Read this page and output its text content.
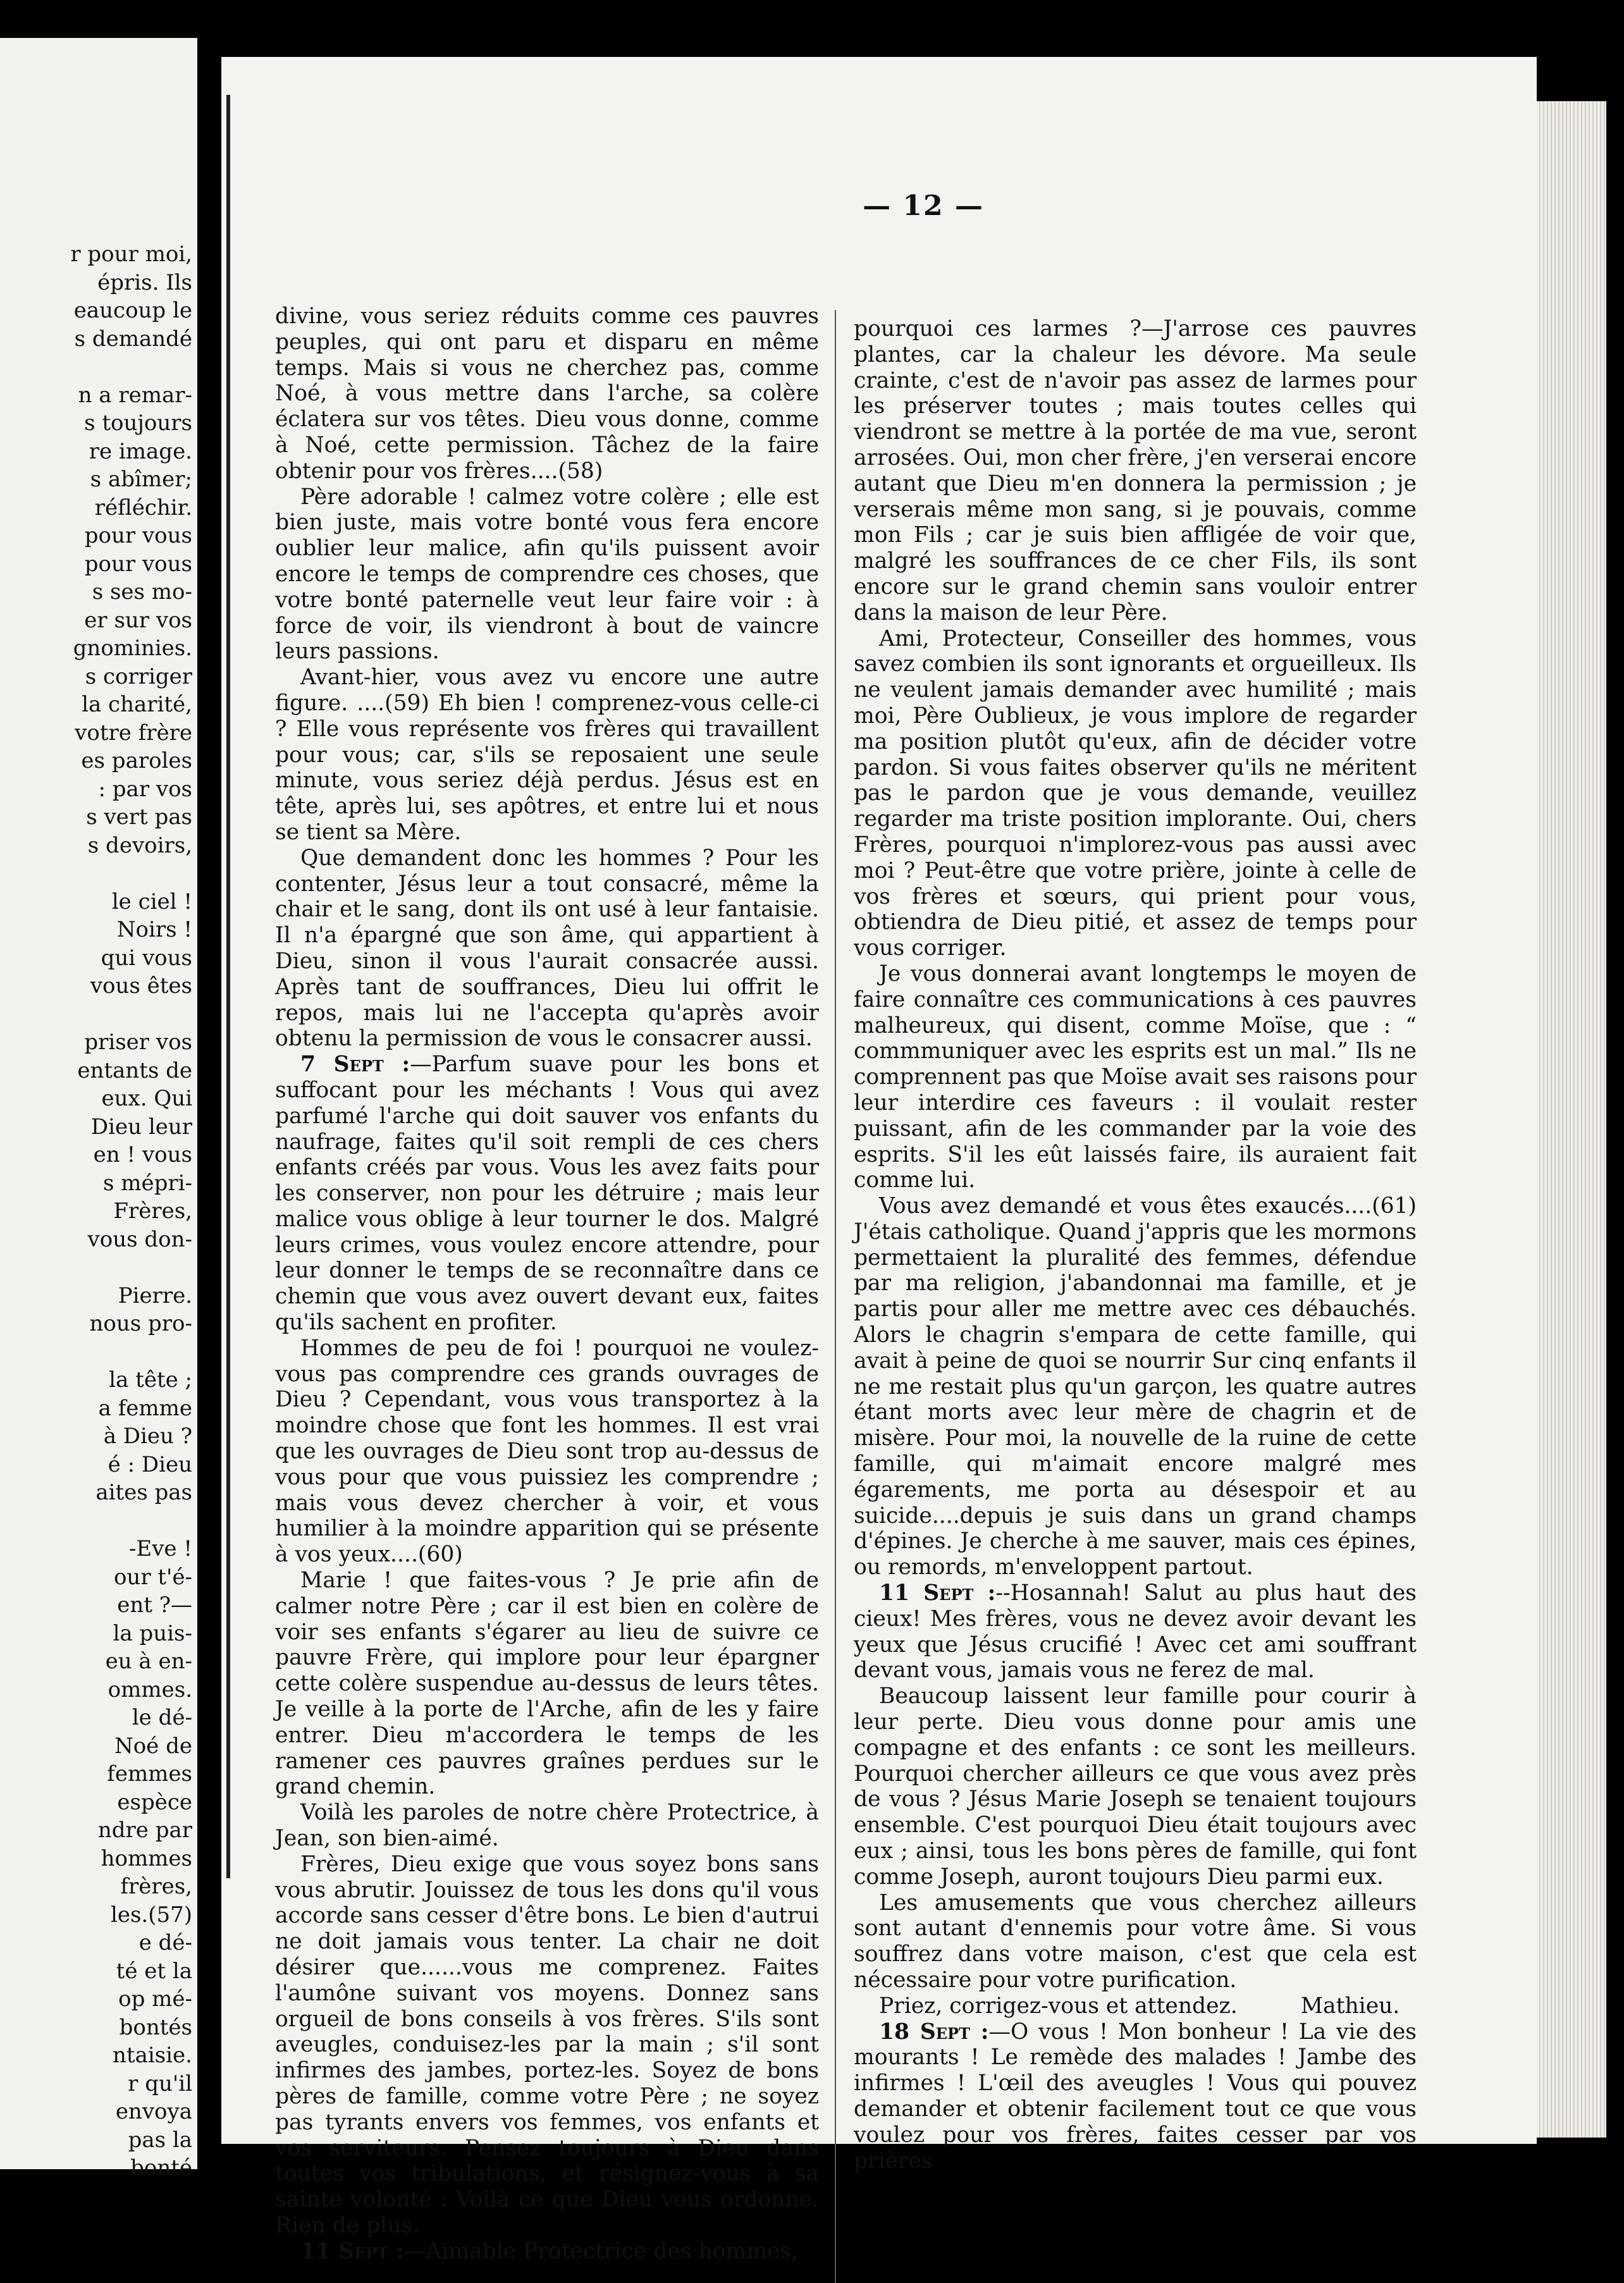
r pour moi,
épris. Ils
eaucoup le
s demandé
n a remar-
s toujours
re image.
s abîmer;
réfléchir.
pour vous
pour vous
s ses mo-
er sur vos
gnominies.
s corriger
la charité,
votre frère
es paroles
: par vos
s vert pas
s devoirs,
le ciel !
Noirs !
qui vous
vous êtes
priser vos
entants de
eux. Qui
Dieu leur
en ! vous
s mépri-
Frères,
vous don-
Pierre.
nous pro-
la tête ;
a femme
à Dieu ?
é : Dieu
aites pas
-Eve !
our t'é-
ent ?—
la puis-
eu à en-
ommes.
le dé-
Noé de
femmes
espèce
ndre par
hommes
frères,
les.(57)
e dé-
té et la
op mé-
bontés
ntaisie.
r qu'il
envoya
pas la
bonté
— 12 —

divine, vous seriez réduits comme ces pauvres peuples, qui ont paru et disparu en même temps. Mais si vous ne cherchez pas, comme Noé, à vous mettre dans l'arche, sa colère éclatera sur vos têtes. Dieu vous donne, comme à Noé, cette permission. Tâchez de la faire obtenir pour vos frères....(58)

Père adorable ! calmez votre colère ; elle est bien juste, mais votre bonté vous fera encore oublier leur malice, afin qu'ils puissent avoir encore le temps de comprendre ces choses, que votre bonté paternelle veut leur faire voir : à force de voir, ils viendront à bout de vaincre leurs passions.

Avant-hier, vous avez vu encore une autre figure. ....(59) Eh bien ! comprenez-vous celle-ci ? Elle vous représente vos frères qui travaillent pour vous; car, s'ils se reposaient une seule minute, vous seriez déjà perdus. Jésus est en tête, après lui, ses apôtres, et entre lui et nous se tient sa Mère.

Que demandent donc les hommes ? Pour les contenter, Jésus leur a tout consacré, même la chair et le sang, dont ils ont usé à leur fantaisie. Il n'a épargné que son âme, qui appartient à Dieu, sinon il vous l'aurait consacrée aussi. Après tant de souffrances, Dieu lui offrit le repos, mais lui ne l'accepta qu'après avoir obtenu la permission de vous le consacrer aussi.

7 Sept :—Parfum suave pour les bons et suffocant pour les méchants ! Vous qui avez parfumé l'arche qui doit sauver vos enfants du naufrage, faites qu'il soit rempli de ces chers enfants créés par vous. Vous les avez faits pour les conserver, non pour les détruire ; mais leur malice vous oblige à leur tourner le dos. Malgré leurs crimes, vous voulez encore attendre, pour leur donner le temps de se reconnaître dans ce chemin que vous avez ouvert devant eux, faites qu'ils sachent en profiter.

Hommes de peu de foi ! pourquoi ne voulez-vous pas comprendre ces grands ouvrages de Dieu ? Cependant, vous vous transportez à la moindre chose que font les hommes. Il est vrai que les ouvrages de Dieu sont trop au-dessus de vous pour que vous puissiez les comprendre ; mais vous devez chercher à voir, et vous humilier à la moindre apparition qui se présente à vos yeux....(60)

Marie ! que faites-vous ? Je prie afin de calmer notre Père ; car il est bien en colère de voir ses enfants s'égarer au lieu de suivre ce pauvre Frère, qui implore pour leur épargner cette colère suspendue au-dessus de leurs têtes. Je veille à la porte de l'Arche, afin de les y faire entrer. Dieu m'accordera le temps de les ramener ces pauvres graînes perdues sur le grand chemin.

Voilà les paroles de notre chère Protectrice, à Jean, son bien-aimé.

Frères, Dieu exige que vous soyez bons sans vous abrutir. Jouissez de tous les dons qu'il vous accorde sans cesser d'être bons. Le bien d'autrui ne doit jamais vous tenter. La chair ne doit désirer que......vous me comprenez. Faites l'aumône suivant vos moyens. Donnez sans orgueil de bons conseils à vos frères. S'ils sont aveugles, conduisez-les par la main ; s'il sont infirmes des jambes, portez-les. Soyez de bons pères de famille, comme votre Père ; ne soyez pas tyrants envers vos femmes, vos enfants et vos serviteurs. Pensez toujours à Dieu dans toutes vos tribulations, et résignez-vous à sa sainte volonté : Voilà ce que Dieu vous ordonne. Rien de plus.

11 Sept :—Aimable Protectrice des hommes,

pourquoi ces larmes ?—J'arrose ces pauvres plantes, car la chaleur les dévore. Ma seule crainte, c'est de n'avoir pas assez de larmes pour les préserver toutes ; mais toutes celles qui viendront se mettre à la portée de ma vue, seront arrosées. Oui, mon cher frère, j'en verserai encore autant que Dieu m'en donnera la permission ; je verserais même mon sang, si je pouvais, comme mon Fils ; car je suis bien affligée de voir que, malgré les souffrances de ce cher Fils, ils sont encore sur le grand chemin sans vouloir entrer dans la maison de leur Père.

Ami, Protecteur, Conseiller des hommes, vous savez combien ils sont ignorants et orgueilleux. Ils ne veulent jamais demander avec humilité ; mais moi, Père Oublieux, je vous implore de regarder ma position plutôt qu'eux, afin de décider votre pardon. Si vous faites observer qu'ils ne méritent pas le pardon que je vous demande, veuillez regarder ma triste position implorante. Oui, chers Frères, pourquoi n'implorez-vous pas aussi avec moi ? Peut-être que votre prière, jointe à celle de vos frères et sœurs, qui prient pour vous, obtiendra de Dieu pitié, et assez de temps pour vous corriger.

Je vous donnerai avant longtemps le moyen de faire connaître ces communications à ces pauvres malheureux, qui disent, comme Moïse, que : “ commmuniquer avec les esprits est un mal.” Ils ne comprennent pas que Moïse avait ses raisons pour leur interdire ces faveurs : il voulait rester puissant, afin de les commander par la voie des esprits. S'il les eût laissés faire, ils auraient fait comme lui.

Vous avez demandé et vous êtes exaucés....(61) J'étais catholique. Quand j'appris que les mormons permettaient la pluralité des femmes, défendue par ma religion, j'abandonnai ma famille, et je partis pour aller me mettre avec ces débauchés. Alors le chagrin s'empara de cette famille, qui avait à peine de quoi se nourrir Sur cinq enfants il ne me restait plus qu'un garçon, les quatre autres étant morts avec leur mère de chagrin et de misère. Pour moi, la nouvelle de la ruine de cette famille, qui m'aimait encore malgré mes égarements, me porta au désespoir et au suicide....depuis je suis dans un grand champs d'épines. Je cherche à me sauver, mais ces épines, ou remords, m'enveloppent partout.

11 Sept :--Hosannah! Salut au plus haut des cieux! Mes frères, vous ne devez avoir devant les yeux que Jésus crucifié ! Avec cet ami souffrant devant vous, jamais vous ne ferez de mal.

Beaucoup laissent leur famille pour courir à leur perte. Dieu vous donne pour amis une compagne et des enfants : ce sont les meilleurs. Pourquoi chercher ailleurs ce que vous avez près de vous ? Jésus Marie Joseph se tenaient toujours ensemble. C'est pourquoi Dieu était toujours avec eux ; ainsi, tous les bons pères de famille, qui font comme Joseph, auront toujours Dieu parmi eux.

Les amusements que vous cherchez ailleurs sont autant d'ennemis pour votre âme. Si vous souffrez dans votre maison, c'est que cela est nécessaire pour votre purification.

Priez, corrigez-vous et attendez.	Mathieu.

18 Sept :—O vous ! Mon bonheur ! La vie des mourants ! Le remède des malades ! Jambe des infirmes ! L'œil des aveugles ! Vous qui pouvez demander et obtenir facilement tout ce que vous voulez pour vos frères, faites cesser par vos prières
